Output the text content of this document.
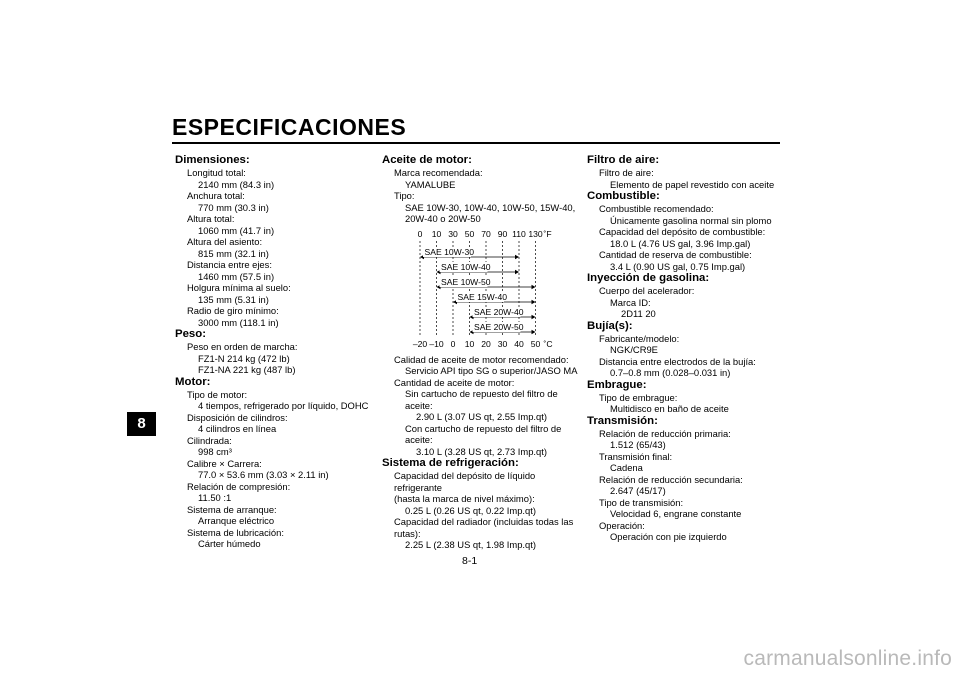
ESPECIFICACIONES
8
Dimensiones:
Longitud total:
2140 mm (84.3 in)
Anchura total:
770 mm (30.3 in)
Altura total:
1060 mm (41.7 in)
Altura del asiento:
815 mm (32.1 in)
Distancia entre ejes:
1460 mm (57.5 in)
Holgura mínima al suelo:
135 mm (5.31 in)
Radio de giro mínimo:
3000 mm (118.1 in)
Peso:
Peso en orden de marcha:
FZ1-N 214 kg (472 lb)
FZ1-NA 221 kg (487 lb)
Motor:
Tipo de motor:
4 tiempos, refrigerado por líquido, DOHC
Disposición de cilindros:
4 cilindros en línea
Cilindrada:
998 cm³
Calibre × Carrera:
77.0 × 53.6 mm (3.03 × 2.11 in)
Relación de compresión:
11.50 :1
Sistema de arranque:
Arranque eléctrico
Sistema de lubricación:
Cárter húmedo
Aceite de motor:
Marca recomendada:
YAMALUBE
Tipo:
SAE 10W-30, 10W-40, 10W-50, 15W-40,
20W-40 o 20W-50
0 10 30 50 70 90 110 130 ˚F
–20 –10 0 10 20 30 40 50 ˚C
SAE 10W-30
SAE 10W-40
SAE 10W-50
SAE 15W-40
SAE 20W-40
SAE 20W-50
Calidad de aceite de motor recomendado:
Servicio API tipo SG o superior/JASO MA
Cantidad de aceite de motor:
Sin cartucho de repuesto del filtro de
aceite:
2.90 L (3.07 US qt, 2.55 Imp.qt)
Con cartucho de repuesto del filtro de
aceite:
3.10 L (3.28 US qt, 2.73 Imp.qt)
Sistema de refrigeración:
Capacidad del depósito de líquido refrigerante
(hasta la marca de nivel máximo):
0.25 L (0.26 US qt, 0.22 Imp.qt)
Capacidad del radiador (incluidas todas las
rutas):
2.25 L (2.38 US qt, 1.98 Imp.qt)
Filtro de aire:
Filtro de aire:
Elemento de papel revestido con aceite
Combustible:
Combustible recomendado:
Únicamente gasolina normal sin plomo
Capacidad del depósito de combustible:
18.0 L (4.76 US gal, 3.96 Imp.gal)
Cantidad de reserva de combustible:
3.4 L (0.90 US gal, 0.75 Imp.gal)
Inyección de gasolina:
Cuerpo del acelerador:
Marca ID:
2D11 20
Bujía(s):
Fabricante/modelo:
NGK/CR9E
Distancia entre electrodos de la bujía:
0.7–0.8 mm (0.028–0.031 in)
Embrague:
Tipo de embrague:
Multidisco en baño de aceite
Transmisión:
Relación de reducción primaria:
1.512 (65/43)
Transmisión final:
Cadena
Relación de reducción secundaria:
2.647 (45/17)
Tipo de transmisión:
Velocidad 6, engrane constante
Operación:
Operación con pie izquierdo
8-1
carmanualsonline.info
